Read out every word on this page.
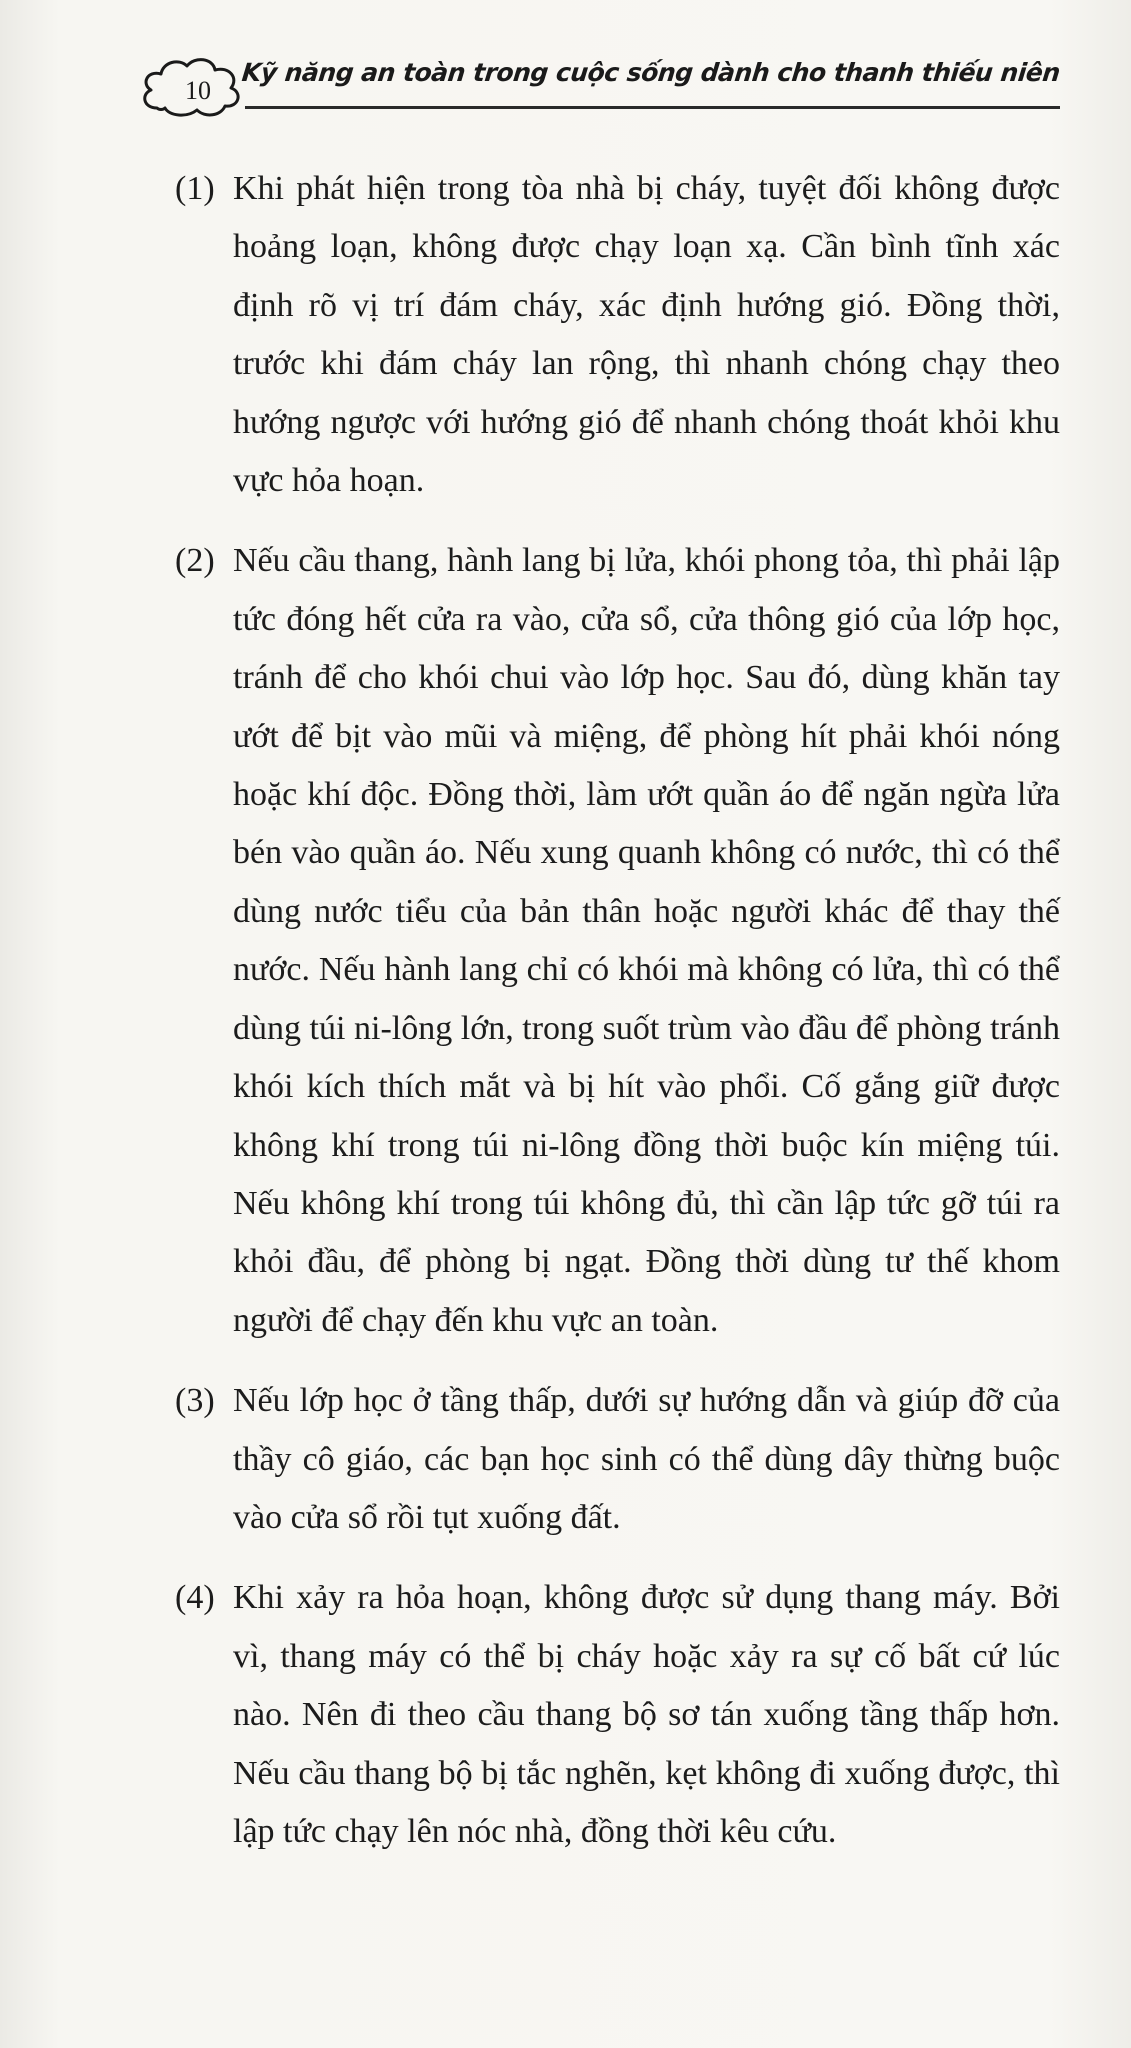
10
Kỹ năng an toàn trong cuộc sống dành cho thanh thiếu niên
(1) Khi phát hiện trong tòa nhà bị cháy, tuyệt đối không được hoảng loạn, không được chạy loạn xạ. Cần bình tĩnh xác định rõ vị trí đám cháy, xác định hướng gió. Đồng thời, trước khi đám cháy lan rộng, thì nhanh chóng chạy theo hướng ngược với hướng gió để nhanh chóng thoát khỏi khu vực hỏa hoạn.

(2) Nếu cầu thang, hành lang bị lửa, khói phong tỏa, thì phải lập tức đóng hết cửa ra vào, cửa sổ, cửa thông gió của lớp học, tránh để cho khói chui vào lớp học. Sau đó, dùng khăn tay ướt để bịt vào mũi và miệng, để phòng hít phải khói nóng hoặc khí độc. Đồng thời, làm ướt quần áo để ngăn ngừa lửa bén vào quần áo. Nếu xung quanh không có nước, thì có thể dùng nước tiểu của bản thân hoặc người khác để thay thế nước. Nếu hành lang chỉ có khói mà không có lửa, thì có thể dùng túi ni-lông lớn, trong suốt trùm vào đầu để phòng tránh khói kích thích mắt và bị hít vào phổi. Cố gắng giữ được không khí trong túi ni-lông đồng thời buộc kín miệng túi. Nếu không khí trong túi không đủ, thì cần lập tức gỡ túi ra khỏi đầu, để phòng bị ngạt. Đồng thời dùng tư thế khom người để chạy đến khu vực an toàn.

(3) Nếu lớp học ở tầng thấp, dưới sự hướng dẫn và giúp đỡ của thầy cô giáo, các bạn học sinh có thể dùng dây thừng buộc vào cửa sổ rồi tụt xuống đất.

(4) Khi xảy ra hỏa hoạn, không được sử dụng thang máy. Bởi vì, thang máy có thể bị cháy hoặc xảy ra sự cố bất cứ lúc nào. Nên đi theo cầu thang bộ sơ tán xuống tầng thấp hơn. Nếu cầu thang bộ bị tắc nghẽn, kẹt không đi xuống được, thì lập tức chạy lên nóc nhà, đồng thời kêu cứu.
